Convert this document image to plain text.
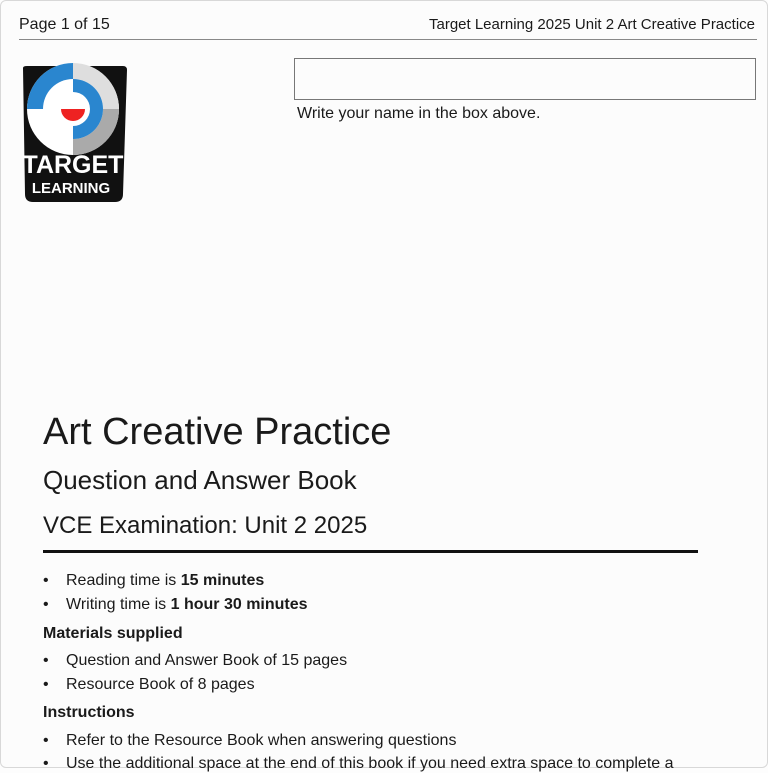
Page 1 of 15	Target Learning 2025 Unit 2 Art Creative Practice
Write your name in the box above.
TARGET
LEARNING
Art Creative Practice
Question and Answer Book
VCE Examination: Unit 2 2025
• Reading time is 15 minutes
• Writing time is 1 hour 30 minutes
Materials supplied
• Question and Answer Book of 15 pages
• Resource Book of 8 pages
Instructions
• Refer to the Resource Book when answering questions
• Use the additional space at the end of this book if you need extra space to complete a
